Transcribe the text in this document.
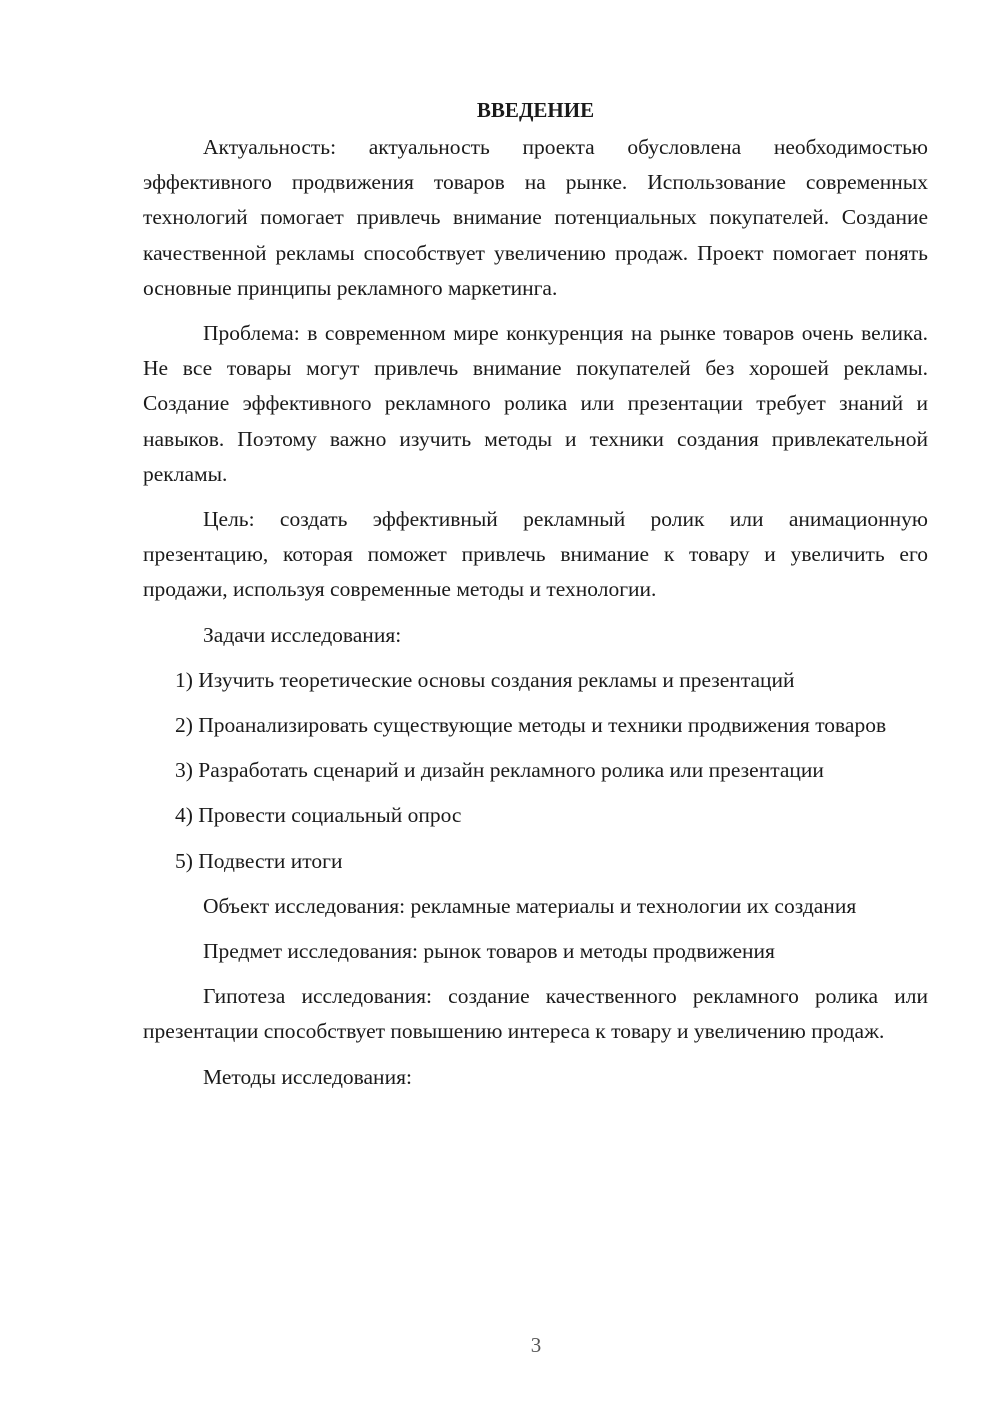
ВВЕДЕНИЕ

Актуальность: актуальность проекта обусловлена необходимостью эффективного продвижения товаров на рынке. Использование современных технологий помогает привлечь внимание потенциальных покупателей. Создание качественной рекламы способствует увеличению продаж. Проект помогает понять основные принципы рекламного маркетинга.

Проблема: в современном мире конкуренция на рынке товаров очень велика. Не все товары могут привлечь внимание покупателей без хорошей рекламы. Создание эффективного рекламного ролика или презентации требует знаний и навыков. Поэтому важно изучить методы и техники создания привлекательной рекламы.

Цель: создать эффективный рекламный ролик или анимационную презентацию, которая поможет привлечь внимание к товару и увеличить его продажи, используя современные методы и технологии.

Задачи исследования:

1) Изучить теоретические основы создания рекламы и презентаций

2) Проанализировать существующие методы и техники продвижения товаров

3) Разработать сценарий и дизайн рекламного ролика или презентации

4) Провести социальный опрос

5) Подвести итоги

Объект исследования: рекламные материалы и технологии их создания

Предмет исследования: рынок товаров и методы продвижения

Гипотеза исследования: создание качественного рекламного ролика или презентации способствует повышению интереса к товару и увеличению продаж.

Методы исследования:

3
